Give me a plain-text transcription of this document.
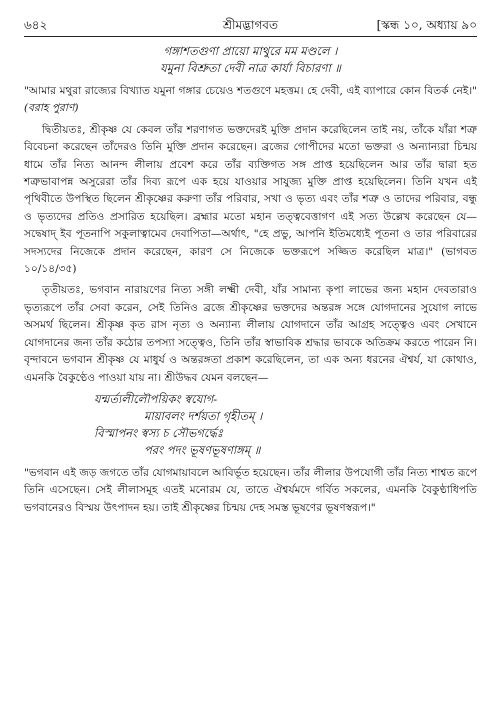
৬৪২	শ্রীমদ্ভাগবত	[স্কন্ধ ১০, অধ্যায় ৯০
গঙ্গাশতগুণা প্রায়ো মাথুরে মম মণ্ডলে ।
যমুনা বিশ্রুতা দেবী নাত্র কার্যা বিচারণা ॥

"আমার মথুরা রাজ্যের বিখ্যাত যমুনা গঙ্গার চেয়েও শতগুণে মহত্তম। হে দেবী, এই ব্যাপারে কোন বিতর্ক নেই।" (বরাহ পুরাণ)

দ্বিতীয়তঃ, শ্রীকৃষ্ণ যে কেবল তাঁর শরণাগত ভক্তদেরই মুক্তি প্রদান করেছিলেন তাই নয়, তাঁকে যাঁরা শত্রু বিবেচনা করেছেন তাঁদেরও তিনি মুক্তি প্রদান করেছেন। ব্রজের গোপীদের মতো ভক্তরা ও অন্যান্যরা চিন্ময় ধামে তাঁর নিত্য আনন্দ লীলায় প্রবেশ করে তাঁর ব্যক্তিগত সঙ্গ প্রাপ্ত হয়েছিলেন আর তাঁর দ্বারা হত শত্রুভাবাপন্ন অসুরেরা তাঁর দিব্য রূপে এক হয়ে যাওয়ার সাযুজ্য মুক্তি প্রাপ্ত হয়েছিলেন। তিনি যখন এই পৃথিবীতে উপস্থিত ছিলেন শ্রীকৃষ্ণের করুণা তাঁর পরিবার, সখা ও ভৃত্য এবং তাঁর শত্রু ও তাদের পরিবার, বন্ধু ও ভৃত্যদের প্রতিও প্রসারিত হয়েছিল। ব্রহ্মার মতো মহান তত্ত্ববেত্তাগণ এই সত্য উল্লেখ করেছেন যে—সদ্বেষাদ্ ইব পূতনাপি সকুলাত্বামেব দেবাপিতা—অর্থাৎ, "হে প্রভু, আপনি ইতিমধ্যেই পূতনা ও তার পরিবারের সদস্যদের নিজেকে প্রদান করেছেন, কারণ সে নিজেকে ভক্তরূপে সজ্জিত করেছিল মাত্র।" (ভাগবত ১০/১৪/৩৫)

তৃতীয়তঃ, ভগবান নারায়ণের নিত্য সঙ্গী লক্ষ্মী দেবী, যাঁর সামান্য কৃপা লাভের জন্য মহান দেবতারাও ভৃত্যরূপে তাঁর সেবা করেন, সেই তিনিও ব্রজে শ্রীকৃষ্ণের ভক্তদের অন্তরঙ্গ সঙ্গে যোগদানের সুযোগ লাভে অসমর্থ ছিলেন। শ্রীকৃষ্ণ কৃত রাস নৃত্য ও অন্যান্য লীলায় যোগদানে তাঁর আগ্রহ সত্ত্বেও এবং সেখানে যোগদানের জন্য তাঁর কঠোর তপস্যা সত্ত্বেও, তিনি তাঁর স্বাভাবিক শ্রদ্ধার ভাবকে অতিক্রম করতে পারেন নি। বৃন্দাবনে ভগবান শ্রীকৃষ্ণ যে মাধুর্য ও অন্তরঙ্গতা প্রকাশ করেছিলেন, তা এক অন্য ধরনের ঐশ্বর্য, যা কোথাও, এমনকি বৈকুণ্ঠেও পাওয়া যায় না। শ্রীউদ্ধব যেমন বলছেন—

যন্মর্ত্যলীলৌপয়িকং স্বযোগ-
মায়াবলং দর্শয়তা গৃহীতম্ ।
বিস্মাপনং স্বস্য চ সৌভগর্দ্ধেঃ
পরং পদং ভূষণভূষণাঙ্গম্ ॥

"ভগবান এই জড় জগতে তাঁর যোগমায়াবলে আবির্ভূত হয়েছেন। তাঁর লীলার উপযোগী তাঁর নিত্য শাশ্বত রূপে তিনি এসেছেন। সেই লীলাসমূহ এতই মনোরম যে, তাতে ঐশ্বর্যমদে গর্বিত সকলের, এমনকি বৈকুণ্ঠাধিপতি ভগবানেরও বিস্ময় উৎপাদন হয়। তাই শ্রীকৃষ্ণের চিন্ময় দেহ সমস্ত ভূষণের ভূষণস্বরূপ।"
